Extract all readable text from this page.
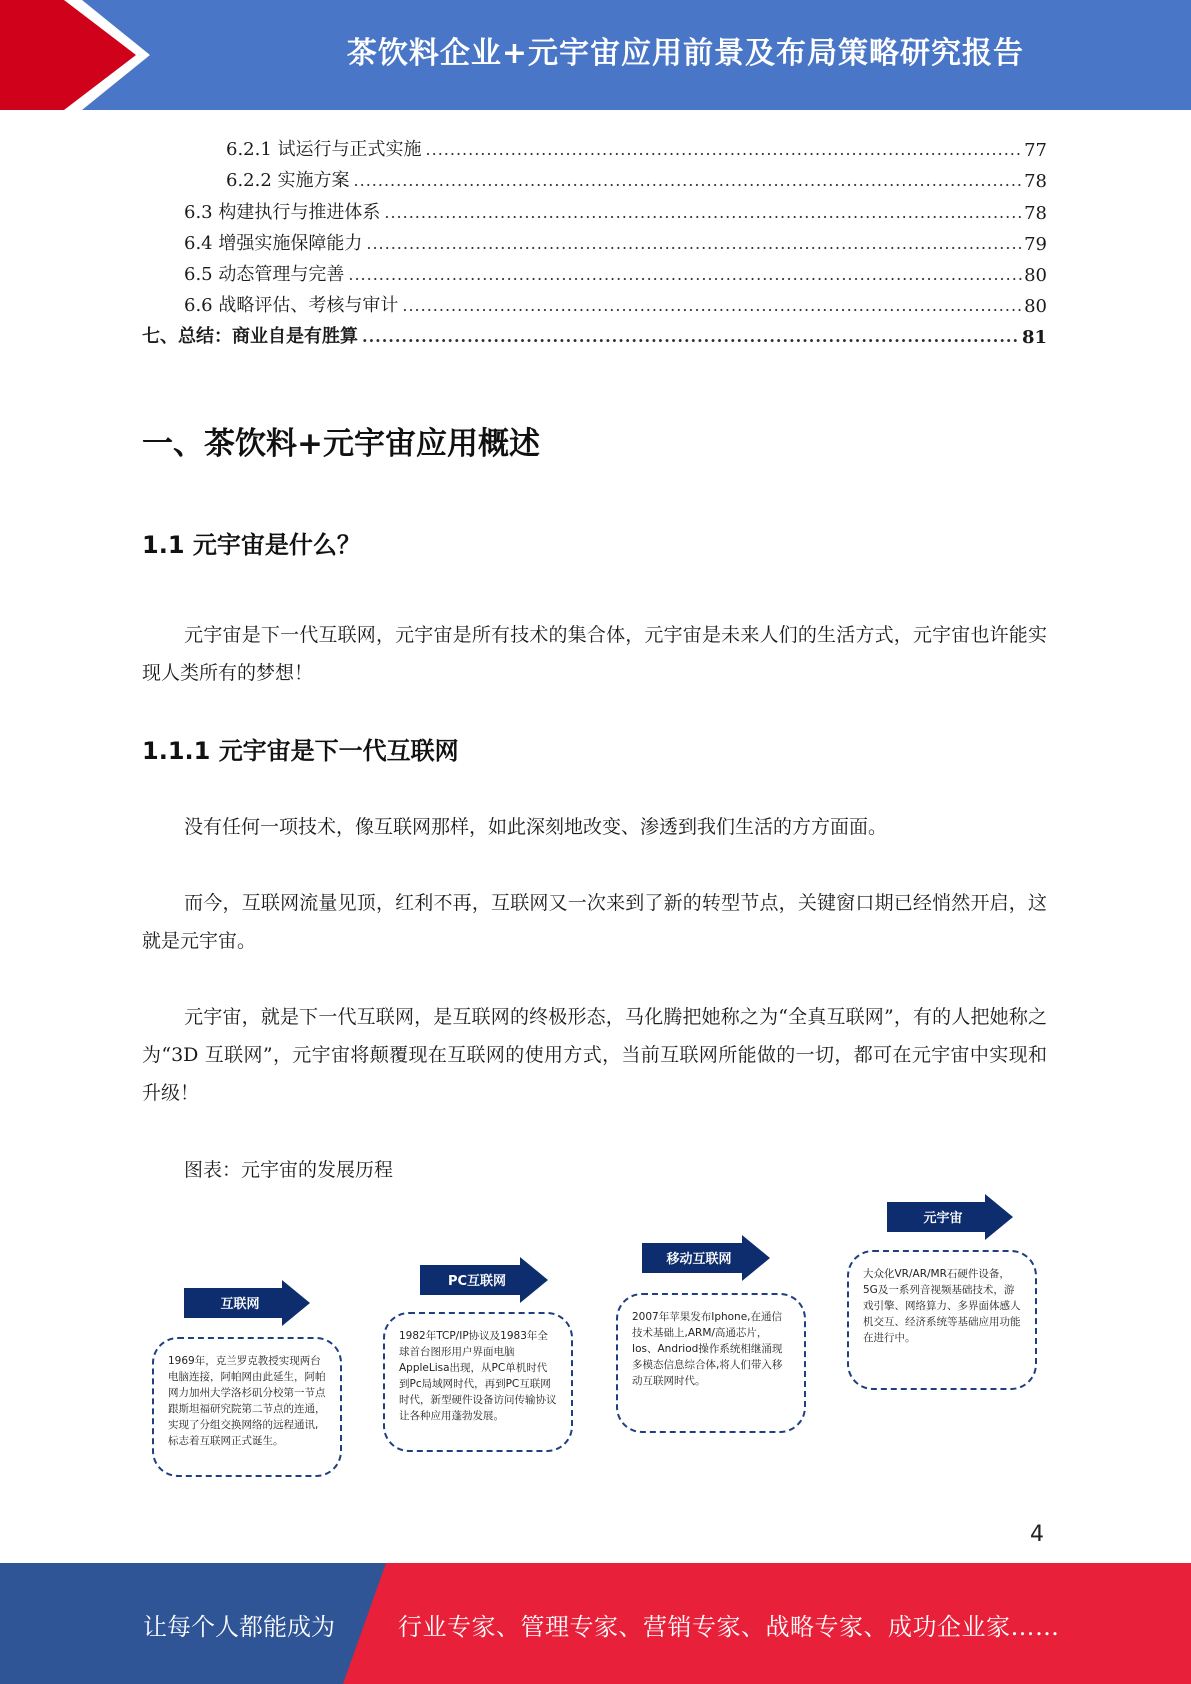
茶饮料企业+元宇宙应用前景及布局策略研究报告
6.2.1 试运行与正式实施 .....	77
6.2.2 实施方案 .....	78
6.3 构建执行与推进体系 .....	78
6.4 增强实施保障能力 .....	79
6.5 动态管理与完善 .....	80
6.6 战略评估、考核与审计 .....	80
七、总结：商业自是有胜算 .....	81
一、茶饮料+元宇宙应用概述
1.1 元宇宙是什么？
元宇宙是下一代互联网，元宇宙是所有技术的集合体，元宇宙是未来人们的生活方式，元宇宙也许能实现人类所有的梦想！
1.1.1 元宇宙是下一代互联网
没有任何一项技术，像互联网那样，如此深刻地改变、渗透到我们生活的方方面面。
而今，互联网流量见顶，红利不再，互联网又一次来到了新的转型节点，关键窗口期已经悄然开启，这就是元宇宙。
元宇宙，就是下一代互联网，是互联网的终极形态，马化腾把她称之为“全真互联网”，有的人把她称之为“3D 互联网”，元宇宙将颠覆现在互联网的使用方式，当前互联网所能做的一切，都可在元宇宙中实现和升级！
图表：元宇宙的发展历程
互联网
1969年，克兰罗克教授实现两台电脑连接，阿帕网由此延生，阿帕网力加州大学洛杉矶分校第一节点跟斯坦福研究院第二节点的连通，实现了分组交换网络的远程通讯,标志着互联网正式诞生。
PC互联网
1982年TCP/IP协议及1983年全球首台图形用户界面电脑AppleLisa出现，从PC单机时代到Pc局域网时代，再到PC互联网时代，新型硬件设备访问传输协议让各种应用蓬勃发展。
移动互联网
2007年苹果发布Iphone,在通信技术基础上,ARM/高通芯片，Ios、Andriod操作系统相继涌现多模态信息综合体,将人们带入移动互联网时代。
元宇宙
大众化VR/AR/MR石硬件设备，5G及一系列音视频基础技术，游戏引擎、网络算力、多界面体感人机交互、经济系统等基础应用功能在进行中。
4
让每个人都能成为	行业专家、管理专家、营销专家、战略专家、成功企业家……
